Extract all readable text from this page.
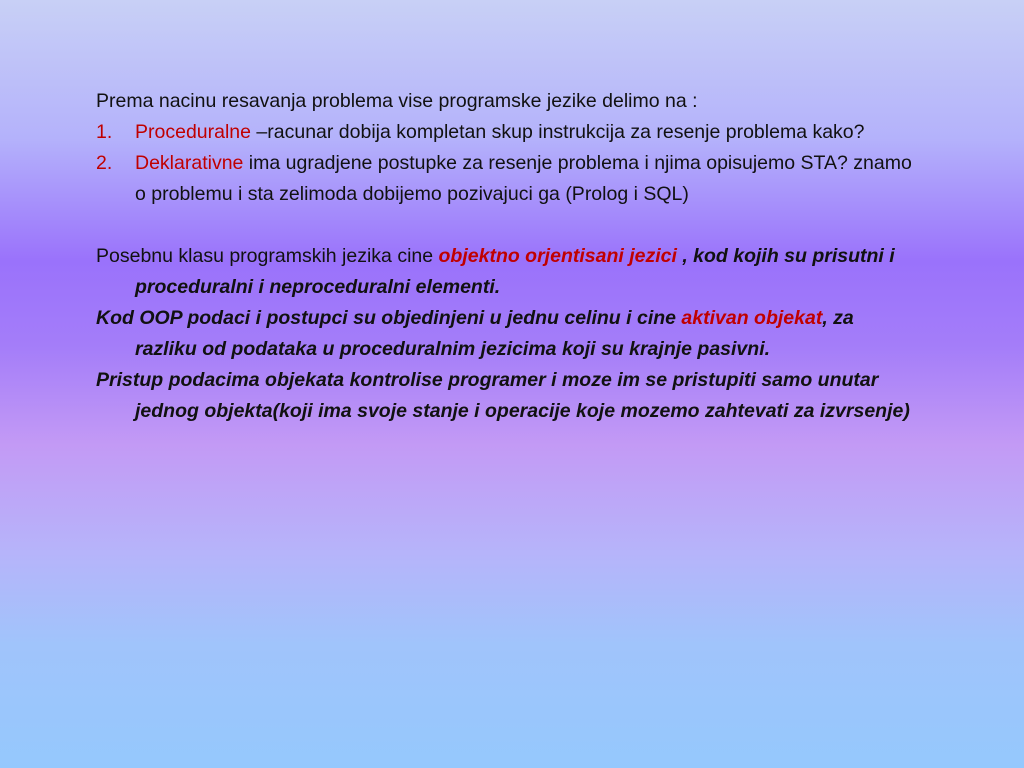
Prema nacinu resavanja problema vise programske jezike delimo na :

1. Proceduralne –racunar dobija kompletan skup instrukcija za resenje problema kako?

2. Deklarativne ima ugradjene postupke za resenje problema i njima opisujemo STA? znamo o problemu i sta zelimoda dobijemo pozivajuci ga (Prolog i SQL)

Posebnu klasu programskih jezika cine objektno orjentisani jezici , kod kojih su prisutni i proceduralni i neproceduralni elementi.

Kod OOP podaci i postupci su objedinjeni u jednu celinu i cine aktivan objekat, za razliku od podataka u proceduralnim jezicima koji su krajnje pasivni.

Pristup podacima objekata kontrolise programer i moze im se pristupiti samo unutar jednog objekta(koji ima svoje stanje i operacije koje mozemo zahtevati za izvrsenje)
